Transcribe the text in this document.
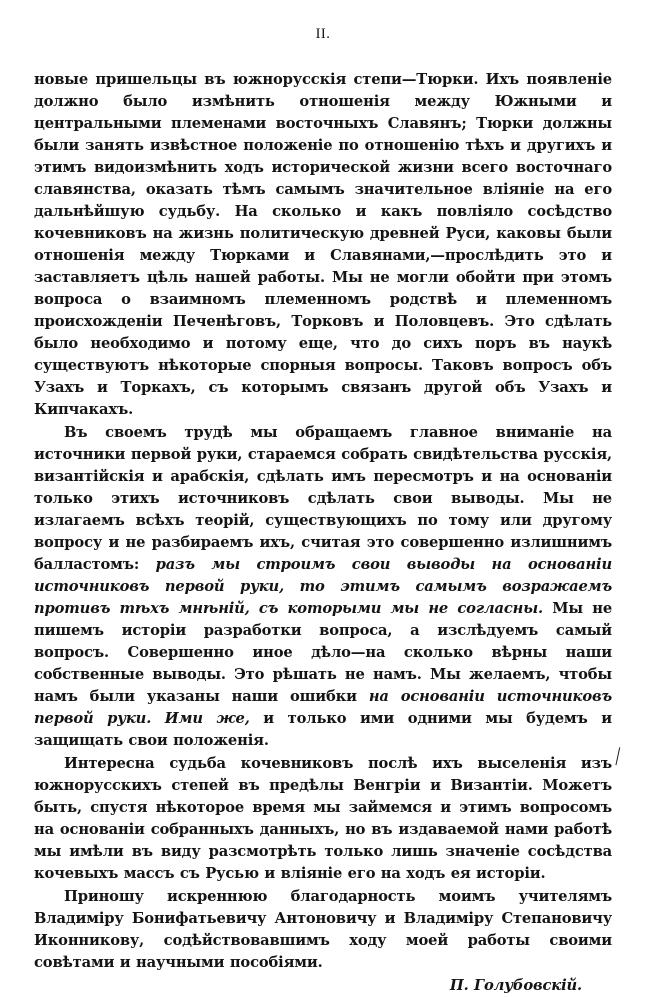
II.

новые пришельцы въ южнорусскія степи—Тюрки. Ихъ появленіе должно было измѣнить отношенія между Южными и центральными племенами восточныхъ Славянъ; Тюрки должны были занять извѣстное положеніе по отношенію тѣхъ и другихъ и этимъ видоизмѣнить ходъ исторической жизни всего восточнаго славянства, оказать тѣмъ самымъ значительное вліяніе на его дальнѣйшую судьбу. На сколько и какъ повліяло сосѣдство кочевниковъ на жизнь политическую древней Руси, каковы были отношенія между Тюрками и Славянами,—прослѣдить это и заставляетъ цѣль нашей работы. Мы не могли обойти при этомъ вопроса о взаимномъ племенномъ родствѣ и племенномъ происхожденіи Печенѣговъ, Торковъ и Половцевъ. Это сдѣлать было необходимо и потому еще, что до сихъ поръ въ наукѣ существуютъ нѣкоторые спорныя вопросы. Таковъ вопросъ объ Узахъ и Торкахъ, съ которымъ связанъ другой объ Узахъ и Кипчакахъ.

Въ своемъ трудѣ мы обращаемъ главное вниманіе на источники первой руки, стараемся собрать свидѣтельства русскія, византійскія и арабскія, сдѣлать имъ пересмотръ и на основаніи только этихъ источниковъ сдѣлать свои выводы. Мы не излагаемъ всѣхъ теорій, существующихъ по тому или другому вопросу и не разбираемъ ихъ, считая это совершенно излишнимъ балластомъ: разъ мы строимъ свои выводы на основаніи источниковъ первой руки, то этимъ самымъ возражаемъ противъ тѣхъ мнѣній, съ которыми мы не согласны. Мы не пишемъ исторіи разработки вопроса, а изслѣдуемъ самый вопросъ. Совершенно иное дѣло—на сколько вѣрны наши собственные выводы. Это рѣшать не намъ. Мы желаемъ, чтобы намъ были указаны наши ошибки на основаніи источниковъ первой руки. Ими же, и только ими одними мы будемъ и защищать свои положенія.

Интересна судьба кочевниковъ послѣ ихъ выселенія изъ южнорусскихъ степей въ предѣлы Венгріи и Византіи. Можетъ быть, спустя нѣкоторое время мы займемся и этимъ вопросомъ на основаніи собранныхъ данныхъ, но въ издаваемой нами работѣ мы имѣли въ виду разсмотрѣть только лишь значеніе сосѣдства кочевыхъ массъ съ Русью и вліяніе его на ходъ ея исторіи.

Приношу искреннюю благодарность моимъ учителямъ Владиміру Бонифатьевичу Антоновичу и Владиміру Степановичу Иконникову, содѣйствовавшимъ ходу моей работы своими совѣтами и научными пособіями.

П. Голубовскій.
|
